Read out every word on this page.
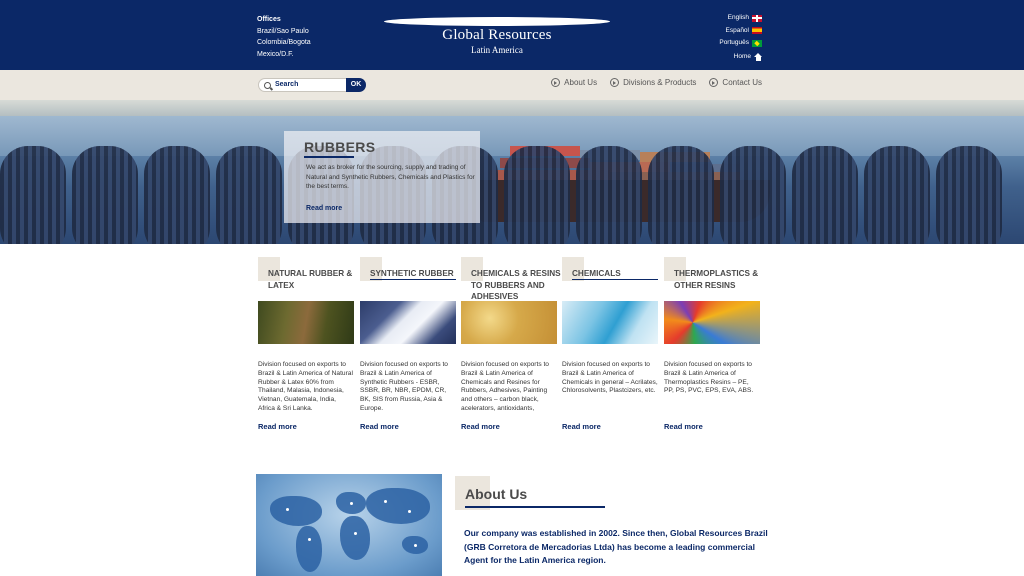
Offices
Brazil/Sao Paulo
Colombia/Bogota
Mexico/D.F.
Global Resources
Latin America
English
Español
Português
Home
Search	OK	About Us	Divisions & Products	Contact Us
RUBBERS
We act as broker for the sourcing, supply and trading of Natural and Synthetic Rubbers, Chemicals and Plastics for the best terms.
Read more
NATURAL RUBBER & LATEX
Division focused on exports to Brazil & Latin America of Natural Rubber & Latex 60% from Thailand, Malasia, Indonesia, Vietnan, Guatemala, India, Africa & Sri Lanka.
Read more
SYNTHETIC RUBBER
Division focused on exports to Brazil & Latin America of Synthetic Rubbers - ESBR, SSBR, BR, NBR, EPDM, CR, BK, SIS from Russia, Asia & Europe.
Read more
CHEMICALS & RESINS TO RUBBERS AND ADHESIVES
Division focused on exports to Brazil & Latin America of Chemicals and Resines for Rubbers, Adhesives, Painting and others – carbon black, acelerators, antioxidants,
Read more
CHEMICALS
Division focused on exports to Brazil & Latin America of Chemicals in general – Acrilates, Chlorosolvents, Plastcizers, etc.
Read more
THERMOPLASTICS & OTHER RESINS
Division focused on exports to Brazil & Latin America of Thermoplastics Resins – PE, PP, PS, PVC, EPS, EVA, ABS.
Read more
About Us
Our company was established in 2002. Since then, Global Resources Brazil (GRB Corretora de Mercadorias Ltda) has become a leading commercial Agent for the Latin America region.
